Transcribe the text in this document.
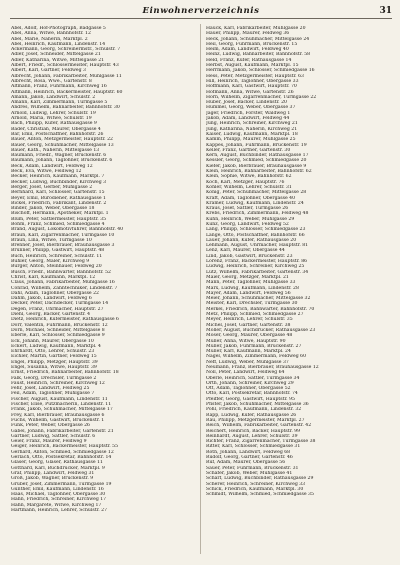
Einwohnerverzeichnis	31
Abel, Adolf, Hof-Photograph, Badgasse 5
Abel, Anna, Witwe, Bahnhofstr. 12
Abel, Marie, Näherin, Marktpl. 2
Abel, Heinrich, Kaufmann, Lindenstr. 14
Ackermann, Georg, Schreinermstr., Schulstr. 7
Adler, Josef, Schneider, Mittelgasse 21
Adler, Katharina, Witwe, Mittelgasse 21
Albert, Friedr., Schlossermeister, Hauptstr. 43
Albert, Karl, Gärtner, Feldweg 3
Albrecht, Johann, Fabrikarbeiter, Mühlgasse 11
Albrecht, Rosa, Wwe., Gartenstr. 8
Altmann, Franz, Fuhrmann, Kirchweg 16
Altmann, Heinrich, Bäckermeister, Hauptstr. 60
Amann, Jakob, Landwirt, Schulstr. 2
Amann, Karl, Zimmermann, Turmgasse 5
Andres, Wilhelm, Bahnarbeiter, Bahnhofstr. 30
Arnold, Ludwig, Lehrer, Schulstr. 19
Arnold, Maria, Witwe, Schulstr. 19
Bach, Philipp, Küfer, Rathausgasse 9
Bader, Christian, Maurer, Obergasse 4
Bär, Emil, Postschaffner, Bahnhofstr. 26
Bauer, Anton, Metzgermeister, Hauptstr. 22
Bauer, Georg, Schuhmacher, Mittelgasse 13
Bauer, Kath., Näherin, Mittelgasse 13
Baumann, Friedr., Wagner, Brückenstr. 6
Baumann, Johann, Taglöhner, Brückenstr. 6
Beck, Adam, Landwirt, Feldweg 12
Beck, Eva, Witwe, Feldweg 12
Becker, Heinrich, Kaufmann, Marktpl. 7
Becker, Ludwig, Buchbinder, Kirchweg 3
Berger, Josef, Gerber, Mühlgasse 2
Bernhard, Karl, Schlosser, Gartenstr. 15
Beyer, Emil, Bürodiener, Rathausgasse 1
Bickel, Friedrich, Fabrikant, Lindenstr. 2
Binder, Jakob, Weber, Obergasse 18
Bischoff, Hermann, Apotheker, Marktpl. 1
Blum, Peter, Sattlermeister, Hauptstr. 35
Böhm, Franz, Schmied, Schmiedgasse 4
Brand, August, Lokomotivführer, Bahnhofstr. 40
Braun, Karl, Zigarrenmacher, Turmgasse 10
Braun, Lina, Witwe, Turmgasse 10
Brenner, Josef, Bierbrauer, Brauhausgasse 3
Brunner, Philipp, Gastwirt, Hauptstr. 48
Buch, Heinrich, Schreiner, Schulstr. 11
Bühler, Georg, Maler, Kirchweg 9
Burger, Anton, Steinhauer, Feldweg 20
Busch, Friedr., Bahnwärter, Bahnhofstr. 52
Christ, Karl, Kaufmann, Marktpl. 12
Claus, Johann, Fabrikarbeiter, Mühlgasse 16
Conrad, Wilhelm, Zahntechniker, Lindenstr. 7
Dahl, Adam, Taglöhner, Obergasse 22
Dahm, Jakob, Landwirt, Feldweg 6
Decker, Peter, Dachdecker, Turmgasse 14
Degen, Franz, Uhrmacher, Hauptstr. 27
Diehl, Georg, Bäcker, Gartenstr. 4
Dietz, Heinrich, Küfermeister, Rathausgasse 6
Dörr, Valentin, Fuhrmann, Brückenstr. 12
Dorn, Michael, Schneider, Mittelgasse 8
Eberle, Karl, Schlosser, Schmiedgasse 9
Eck, Johann, Maurer, Obergasse 10
Eckert, Ludwig, Kaufmann, Marktpl. 4
Ehrhardt, Otto, Lehrer, Schulstr. 23
Eichler, Martin, Gärtner, Feldweg 15
Engel, Philipp, Metzger, Hauptstr. 39
Engel, Susanna, Witwe, Hauptstr. 39
Ernst, Friedrich, Bahnarbeiter, Bahnhofstr. 18
Falk, Georg, Drechsler, Turmgasse 2
Faust, Heinrich, Schreiner, Kirchweg 12
Fehr, Josef, Landwirt, Feldweg 25
Feil, Adam, Taglöhner, Mühlgasse 7
Fischer, August, Kaufmann, Lindenstr. 11
Fischer, Elise, Putzmacherin, Lindenstr. 11
Frank, Jakob, Schuhmacher, Mittelgasse 17
Frey, Karl, Bierbrauer, Brauhausgasse 6
Fuchs, Wilhelm, Gastwirt, Brückenstr. 1
Funk, Peter, Weber, Obergasse 26
Gabel, Johann, Fabrikarbeiter, Gartenstr. 21
Gärtner, Ludwig, Sattler, Schulstr. 6
Geier, Franz, Maurer, Feldweg 9
Geiger, Heinrich, Bäckermeister, Hauptstr. 55
Gerhard, Anton, Schmied, Schmiedgasse 12
Gerlach, Otto, Postsekretär, Bahnhofstr. 14
Glaser, Georg, Glaser, Rathausgasse 11
Gotthard, Karl, Buchdrucker, Marktpl. 9
Graf, Philipp, Landwirt, Feldweg 31
Groß, Jakob, Wagner, Brückenstr. 9
Gruber, Josef, Zimmermann, Turmgasse 19
Günther, Emil, Kaufmann, Lindenstr. 16
Haas, Michael, Taglöhner, Obergasse 30
Hahn, Friedrich, Schreiner, Kirchweg 17
Hahn, Margarete, Witwe, Kirchweg 17
Hartmann, Heinrich, Lehrer, Schulstr. 27
Hauck, Karl, Fabrikarbeiter, Mühlgasse 20
Hauer, Philipp, Maurer, Feldweg 36
Heck, Johann, Schuhmacher, Mittelgasse 24
Heil, Georg, Fuhrmann, Brückenstr. 15
Heim, Adam, Landwirt, Feldweg 40
Heinz, Ludwig, Bahnarbeiter, Bahnhofstr. 58
Held, Franz, Küfer, Rathausgasse 14
Herbst, August, Kaufmann, Marktpl. 15
Herrmann, Jakob, Schlosser, Schmiedgasse 16
Hess, Peter, Metzgermeister, Hauptstr. 63
Hill, Heinrich, Taglöhner, Obergasse 33
Hoffmann, Karl, Gastwirt, Hauptstr. 70
Hofmann, Anna, Witwe, Gartenstr. 26
Horn, Wilhelm, Zigarrenmacher, Turmgasse 22
Huber, Josef, Bäcker, Lindenstr. 20
Hummel, Georg, Weber, Obergasse 37
Jäger, Friedrich, Förster, Waldweg 1
Jakob, Adam, Landwirt, Feldweg 44
Jung, Heinrich, Schreiner, Kirchweg 21
Jung, Katharina, Näherin, Kirchweg 21
Kaiser, Ludwig, Kaufmann, Marktpl. 18
Kamm, Philipp, Maurer, Mühlgasse 25
Kappes, Johann, Fuhrmann, Brückenstr. 19
Keller, Franz, Gärtner, Gartenstr. 30
Kern, August, Buchbinder, Rathausgasse 17
Kessler, Georg, Schmied, Schmiedgasse 20
Kiefer, Jakob, Bierbrauer, Brauhausgasse 9
Klein, Heinrich, Bahnarbeiter, Bahnhofstr. 62
Klein, Sophie, Witwe, Bahnhofstr. 62
Koch, Karl, Metzger, Hauptstr. 76
Köhler, Wilhelm, Lehrer, Schulstr. 31
König, Peter, Schuhmacher, Mittelgasse 28
Kraft, Adam, Taglöhner, Obergasse 40
Kramer, Ludwig, Kaufmann, Lindenstr. 24
Kraus, Josef, Sattler, Turmgasse 26
Krebs, Friedrich, Zimmermann, Feldweg 48
Kuhn, Heinrich, Weber, Mühlgasse 29
Kunz, Georg, Landwirt, Feldweg 52
Lang, Philipp, Schlosser, Schmiedgasse 23
Lange, Otto, Postschaffner, Bahnhofstr. 66
Lauer, Johann, Küfer, Rathausgasse 20
Lehmann, August, Uhrmacher, Hauptstr. 81
Lenz, Karl, Maurer, Obergasse 44
Lind, Jakob, Gastwirt, Brückenstr. 23
Lorenz, Franz, Bäckermeister, Hauptstr. 86
Ludwig, Heinrich, Schreiner, Kirchweg 25
Lutz, Wilhelm, Fabrikarbeiter, Gartenstr. 34
Maier, Georg, Metzger, Marktpl. 21
Mann, Peter, Taglöhner, Mühlgasse 33
Marx, Ludwig, Kaufmann, Lindenstr. 28
Mayer, Adam, Landwirt, Feldweg 56
Meier, Johann, Schuhmacher, Mittelgasse 32
Meister, Karl, Drechsler, Turmgasse 30
Merkel, Friedrich, Bahnwärter, Bahnhofstr. 70
Metz, Philipp, Schmied, Schmiedgasse 27
Meyer, Heinrich, Lehrer, Schulstr. 35
Michel, Josef, Gärtner, Gartenstr. 38
Möller, August, Buchdrucker, Rathausgasse 23
Moser, Georg, Maurer, Obergasse 48
Müller, Anna, Witwe, Hauptstr. 90
Müller, Jakob, Fuhrmann, Brückenstr. 27
Müller, Karl, Kaufmann, Marktpl. 24
Nagel, Wilhelm, Zimmermann, Feldweg 60
Neff, Ludwig, Weber, Mühlgasse 37
Neumann, Franz, Bierbrauer, Brauhausgasse 12
Noll, Peter, Landwirt, Feldweg 64
Oberle, Heinrich, Sattler, Turmgasse 34
Orth, Johann, Schreiner, Kirchweg 29
Ott, Adam, Taglöhner, Obergasse 52
Otto, Karl, Postsekretär, Bahnhofstr. 74
Pfeiffer, Georg, Gastwirt, Hauptstr. 95
Pfister, Jakob, Schuhmacher, Mittelgasse 36
Pohl, Friedrich, Kaufmann, Lindenstr. 32
Rapp, Ludwig, Küfer, Rathausgasse 26
Rau, Philipp, Metzgermeister, Marktpl. 27
Reich, Wilhelm, Fabrikarbeiter, Gartenstr. 42
Reichert, Heinrich, Bäcker, Hauptstr. 99
Reinhardt, August, Lehrer, Schulstr. 39
Richter, Franz, Zigarrenmacher, Turmgasse 38
Ritter, Karl, Schlosser, Schmiedgasse 31
Roth, Johann, Landwirt, Feldweg 68
Rudolf, Georg, Gärtner, Gartenstr. 46
Ruf, Adam, Maurer, Obergasse 56
Sauer, Peter, Fuhrmann, Brückenstr. 31
Schäfer, Jakob, Weber, Mühlgasse 41
Scharf, Ludwig, Buchbinder, Rathausgasse 29
Scherer, Heinrich, Schreiner, Kirchweg 33
Schick, Friedrich, Kaufmann, Marktpl. 30
Schmidt, Wilhelm, Schmied, Schmiedgasse 35
